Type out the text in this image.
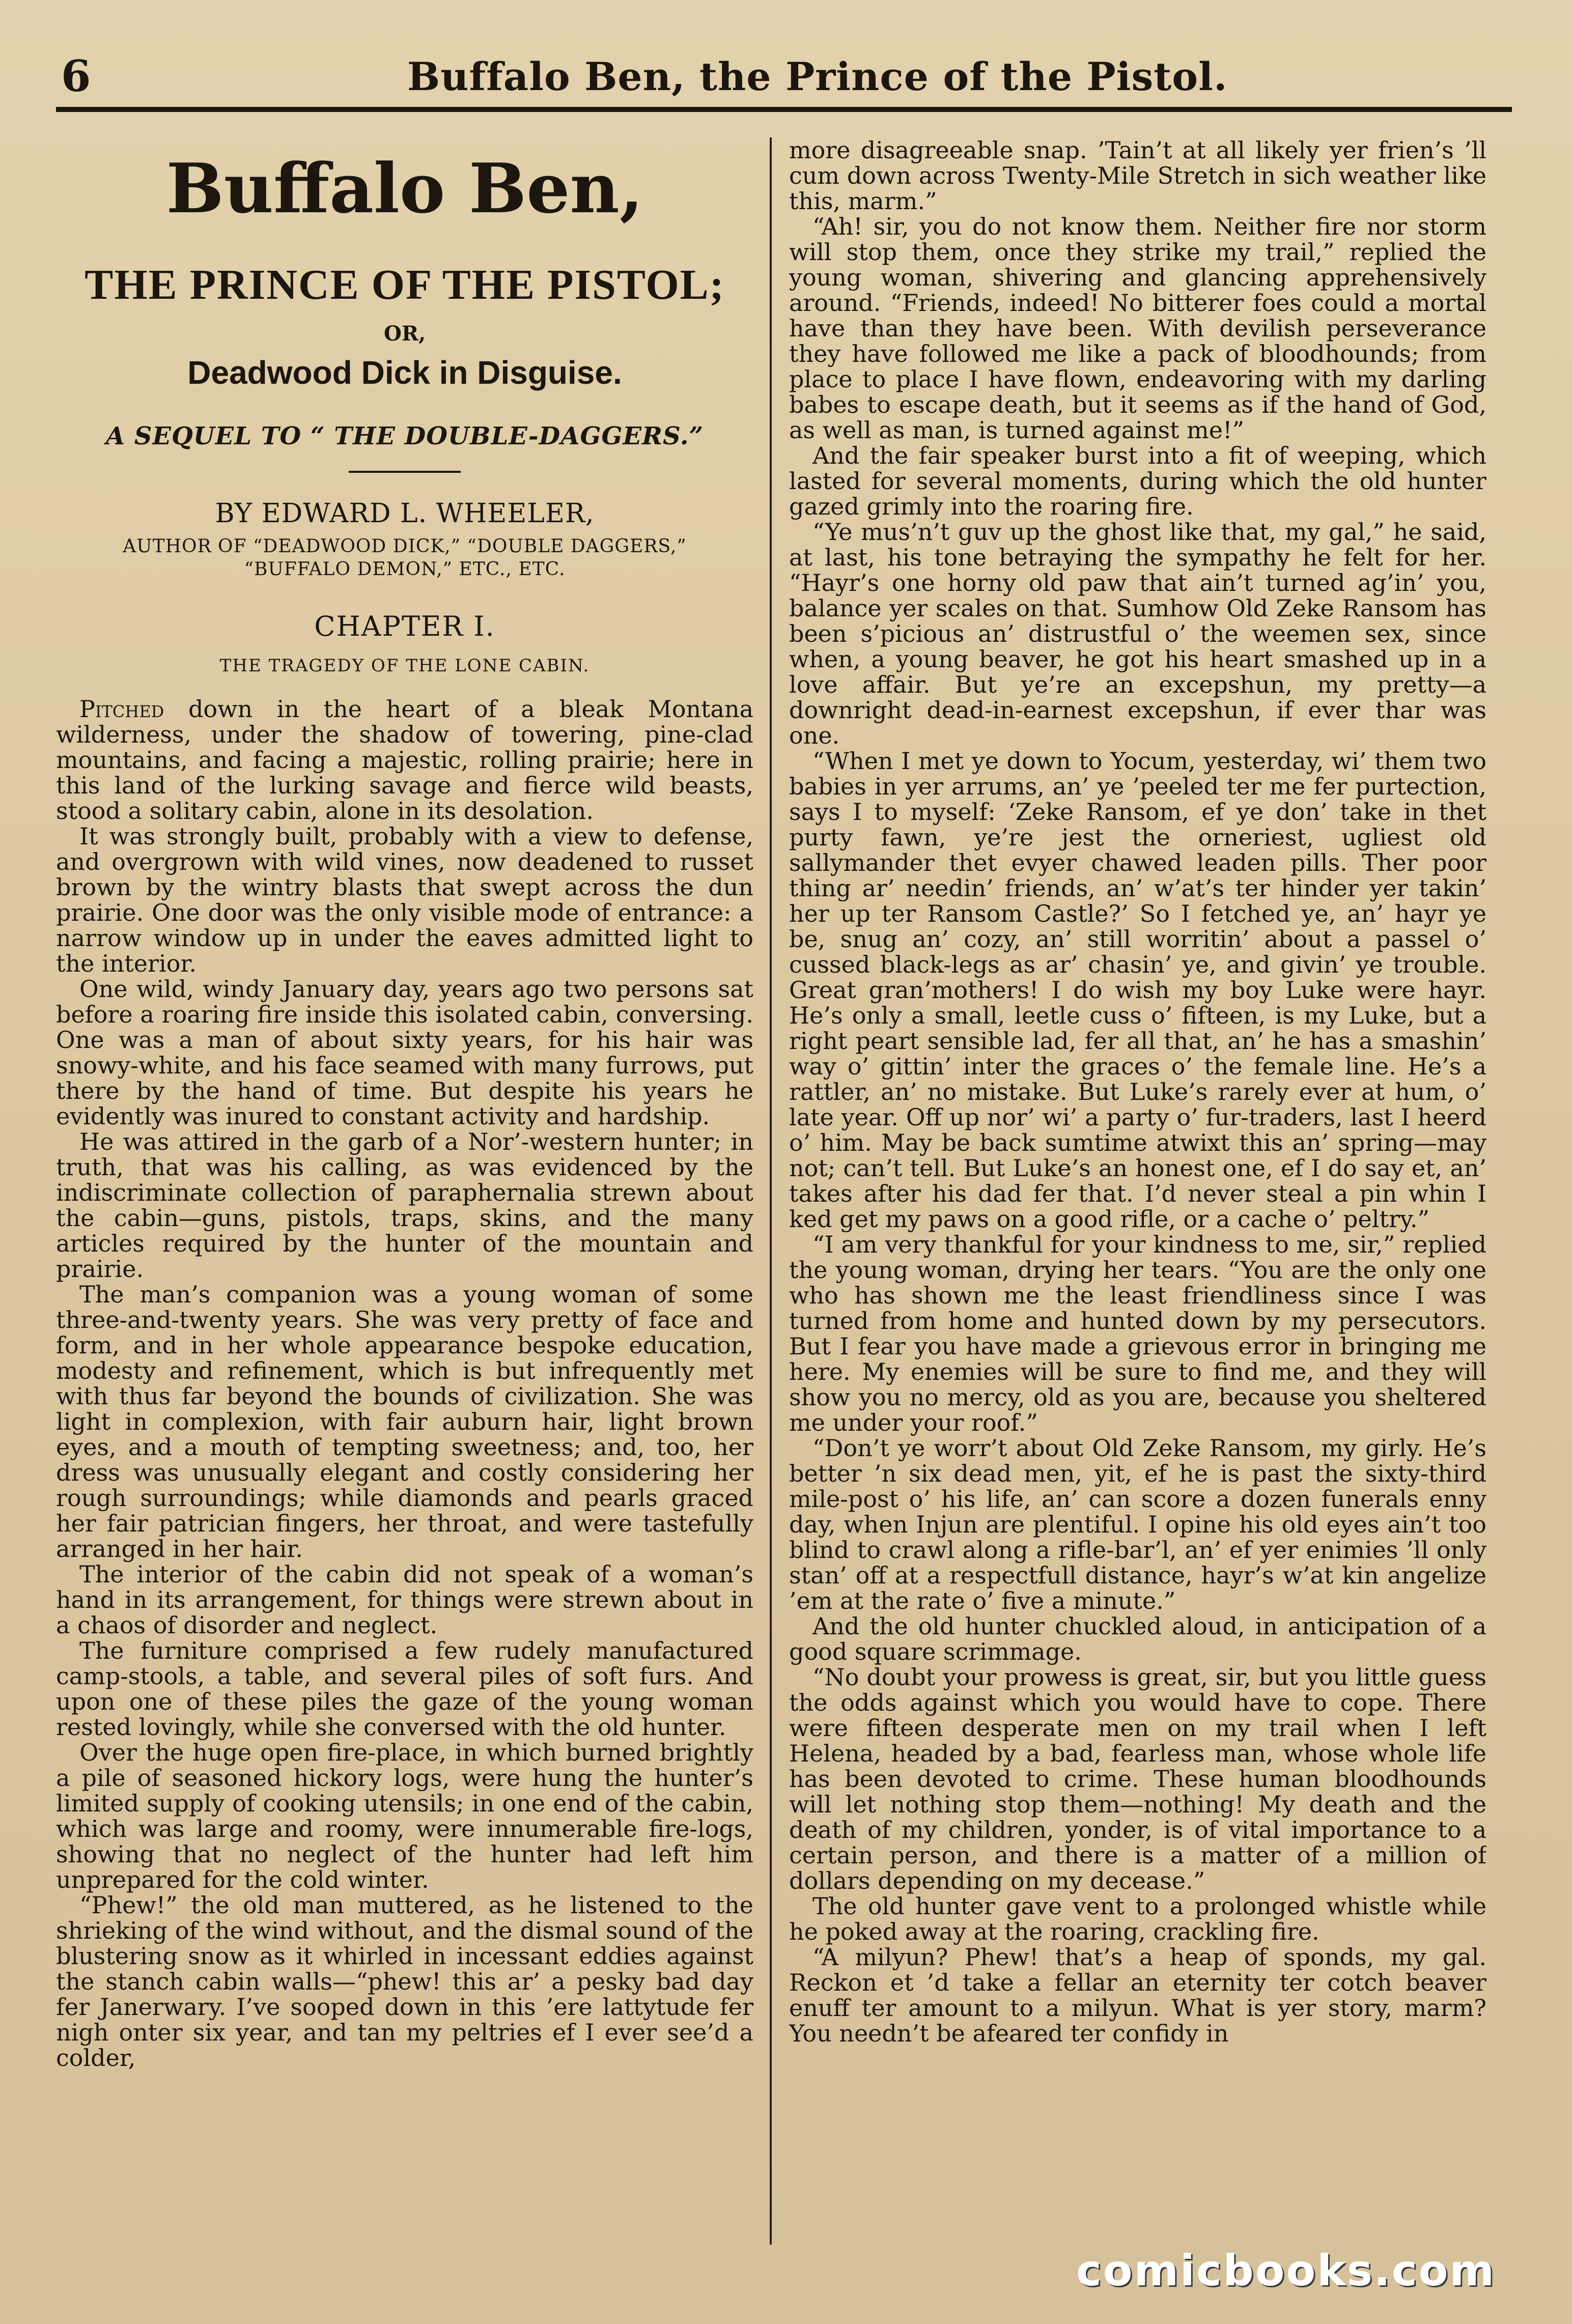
6	Buffalo Ben, the Prince of the Pistol.
Buffalo Ben,
THE PRINCE OF THE PISTOL;
OR,
Deadwood Dick in Disguise.
A SEQUEL TO “ THE DOUBLE-DAGGERS.”
BY EDWARD L. WHEELER,
AUTHOR OF “DEADWOOD DICK,” “DOUBLE DAGGERS,”
“BUFFALO DEMON,” ETC., ETC.
CHAPTER I.
THE TRAGEDY OF THE LONE CABIN.

Pitched down in the heart of a bleak Montana wilderness, under the shadow of towering, pine-clad mountains, and facing a majestic, rolling prairie; here in this land of the lurking savage and fierce wild beasts, stood a solitary cabin, alone in its desolation.

It was strongly built, probably with a view to defense, and overgrown with wild vines, now deadened to russet brown by the wintry blasts that swept across the dun prairie. One door was the only visible mode of entrance: a narrow window up in under the eaves admitted light to the interior.

One wild, windy January day, years ago two persons sat before a roaring fire inside this isolated cabin, conversing. One was a man of about sixty years, for his hair was snowy-white, and his face seamed with many furrows, put there by the hand of time. But despite his years he evidently was inured to constant activity and hardship.

He was attired in the garb of a Nor’-western hunter; in truth, that was his calling, as was evidenced by the indiscriminate collection of paraphernalia strewn about the cabin—guns, pistols, traps, skins, and the many articles required by the hunter of the mountain and prairie.

The man’s companion was a young woman of some three-and-twenty years. She was very pretty of face and form, and in her whole appearance bespoke education, modesty and refinement, which is but infrequently met with thus far beyond the bounds of civilization. She was light in complexion, with fair auburn hair, light brown eyes, and a mouth of tempting sweetness; and, too, her dress was unusually elegant and costly considering her rough surroundings; while diamonds and pearls graced her fair patrician fingers, her throat, and were tastefully arranged in her hair.

The interior of the cabin did not speak of a woman’s hand in its arrangement, for things were strewn about in a chaos of disorder and neglect.

The furniture comprised a few rudely manufactured camp-stools, a table, and several piles of soft furs. And upon one of these piles the gaze of the young woman rested lovingly, while she conversed with the old hunter.

Over the huge open fire-place, in which burned brightly a pile of seasoned hickory logs, were hung the hunter’s limited supply of cooking utensils; in one end of the cabin, which was large and roomy, were innumerable fire-logs, showing that no neglect of the hunter had left him unprepared for the cold winter.

“Phew!” the old man muttered, as he listened to the shrieking of the wind without, and the dismal sound of the blustering snow as it whirled in incessant eddies against the stanch cabin walls—“phew! this ar’ a pesky bad day fer Janerwary. I’ve sooped down in this ’ere lattytude fer nigh onter six year, and tan my peltries ef I ever see’d a colder,

more disagreeable snap. ’Tain’t at all likely yer frien’s ’ll cum down across Twenty-Mile Stretch in sich weather like this, marm.”

“Ah! sir, you do not know them. Neither fire nor storm will stop them, once they strike my trail,” replied the young woman, shivering and glancing apprehensively around. “Friends, indeed! No bitterer foes could a mortal have than they have been. With devilish perseverance they have followed me like a pack of bloodhounds; from place to place I have flown, endeavoring with my darling babes to escape death, but it seems as if the hand of God, as well as man, is turned against me!”

And the fair speaker burst into a fit of weeping, which lasted for several moments, during which the old hunter gazed grimly into the roaring fire.

“Ye mus’n’t guv up the ghost like that, my gal,” he said, at last, his tone betraying the sympathy he felt for her. “Hayr’s one horny old paw that ain’t turned ag’in’ you, balance yer scales on that. Sumhow Old Zeke Ransom has been s’picious an’ distrustful o’ the weemen sex, since when, a young beaver, he got his heart smashed up in a love affair. But ye’re an excepshun, my pretty—a downright dead-in-earnest excepshun, if ever thar was one.

“When I met ye down to Yocum, yesterday, wi’ them two babies in yer arrums, an’ ye ’peeled ter me fer purtection, says I to myself: ‘Zeke Ransom, ef ye don’ take in thet purty fawn, ye’re jest the orneriest, ugliest old sallymander thet evyer chawed leaden pills. Ther poor thing ar’ needin’ friends, an’ w’at’s ter hinder yer takin’ her up ter Ransom Castle?’ So I fetched ye, an’ hayr ye be, snug an’ cozy, an’ still worritin’ about a passel o’ cussed black-legs as ar’ chasin’ ye, and givin’ ye trouble. Great gran’mothers! I do wish my boy Luke were hayr. He’s only a small, leetle cuss o’ fifteen, is my Luke, but a right peart sensible lad, fer all that, an’ he has a smashin’ way o’ gittin’ inter the graces o’ the female line. He’s a rattler, an’ no mistake. But Luke’s rarely ever at hum, o’ late year. Off up nor’ wi’ a party o’ fur-traders, last I heerd o’ him. May be back sumtime atwixt this an’ spring—may not; can’t tell. But Luke’s an honest one, ef I do say et, an’ takes after his dad fer that. I’d never steal a pin whin I ked get my paws on a good rifle, or a cache o’ peltry.”

“I am very thankful for your kindness to me, sir,” replied the young woman, drying her tears. “You are the only one who has shown me the least friendliness since I was turned from home and hunted down by my persecutors. But I fear you have made a grievous error in bringing me here. My enemies will be sure to find me, and they will show you no mercy, old as you are, because you sheltered me under your roof.”

“Don’t ye worr’t about Old Zeke Ransom, my girly. He’s better ’n six dead men, yit, ef he is past the sixty-third mile-post o’ his life, an’ can score a dozen funerals enny day, when Injun are plentiful. I opine his old eyes ain’t too blind to crawl along a rifle-bar’l, an’ ef yer enimies ’ll only stan’ off at a respectfull distance, hayr’s w’at kin angelize ’em at the rate o’ five a minute.”

And the old hunter chuckled aloud, in anticipation of a good square scrimmage.

“No doubt your prowess is great, sir, but you little guess the odds against which you would have to cope. There were fifteen desperate men on my trail when I left Helena, headed by a bad, fearless man, whose whole life has been devoted to crime. These human bloodhounds will let nothing stop them—nothing! My death and the death of my children, yonder, is of vital importance to a certain person, and there is a matter of a million of dollars depending on my decease.”

The old hunter gave vent to a prolonged whistle while he poked away at the roaring, crackling fire.

“A milyun? Phew! that’s a heap of sponds, my gal. Reckon et ’d take a fellar an eternity ter cotch beaver enuff ter amount to a milyun. What is yer story, marm? You needn’t be afeared ter confidy in

comicbooks.com
